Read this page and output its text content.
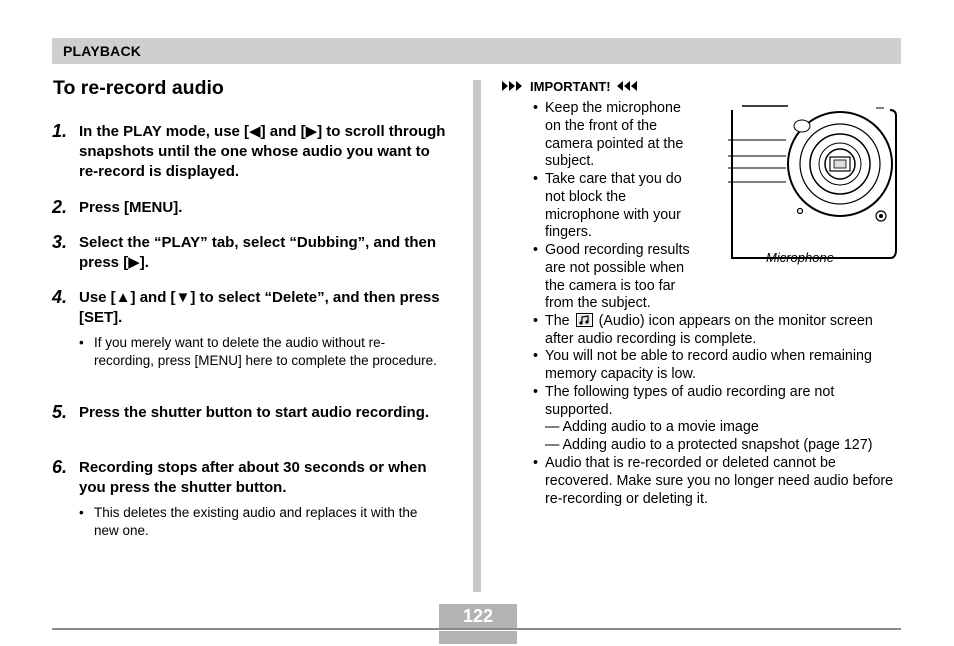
PLAYBACK
To re-record audio
1. In the PLAY mode, use [◀] and [▶] to scroll through snapshots until the one whose audio you want to re-record is displayed.
2. Press [MENU].
3. Select the “PLAY” tab, select “Dubbing”, and then press [▶].
4. Use [▲] and [▼] to select “Delete”, and then press [SET].
• If you merely want to delete the audio without re-recording, press [MENU] here to complete the procedure.
5. Press the shutter button to start audio recording.
6. Recording stops after about 30 seconds or when you press the shutter button.
• This deletes the existing audio and replaces it with the new one.
IMPORTANT!
• Keep the microphone on the front of the camera pointed at the subject.
• Take care that you do not block the microphone with your fingers.
• Good recording results are not possible when the camera is too far from the subject.
• The (Audio) icon appears on the monitor screen after audio recording is complete.
• You will not be able to record audio when remaining memory capacity is low.
• The following types of audio recording are not supported.
— Adding audio to a movie image
— Adding audio to a protected snapshot (page 127)
• Audio that is re-recorded or deleted cannot be recovered. Make sure you no longer need audio before re-recording or deleting it.
Microphone
122
